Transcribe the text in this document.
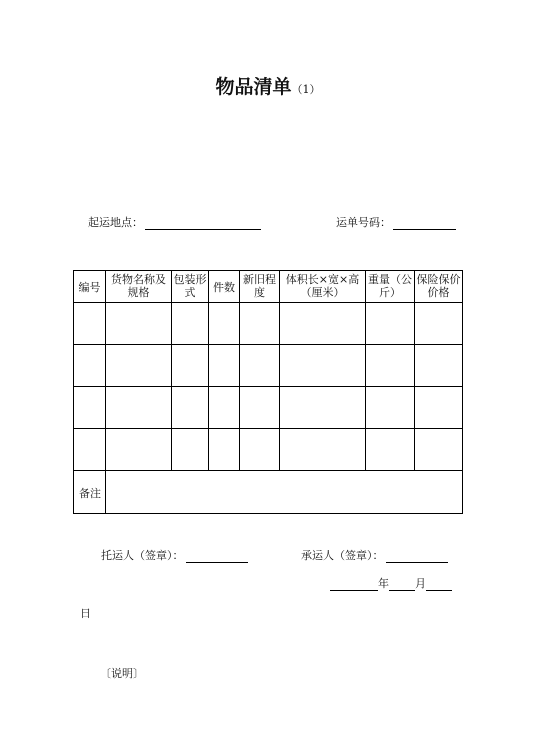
物品清单（1）
起运地点：	运单号码：
编号	货物名称及规格	包装形式	件数	新旧程度	体积长×宽×高（厘米）	重量（公斤）	保险保价价格

备注							
托运人（签章）：	承运人（签章）：
年 月
日
〔说明〕
